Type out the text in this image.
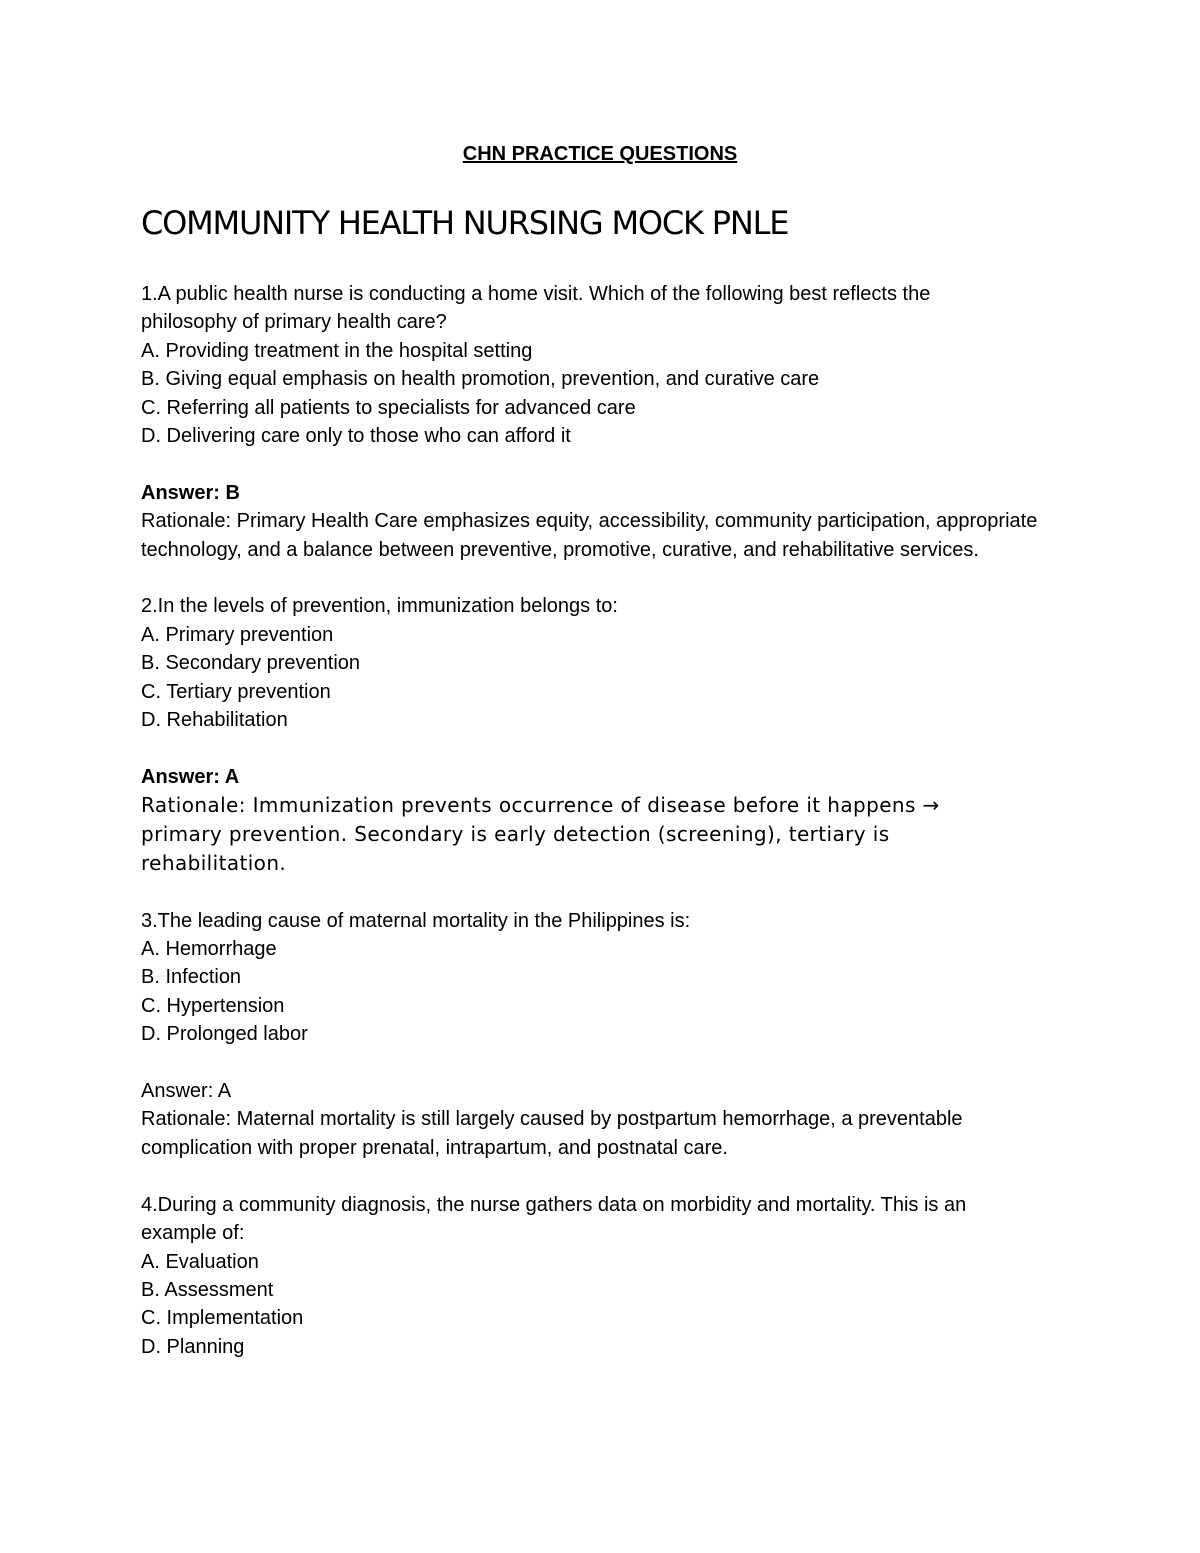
CHN PRACTICE QUESTIONS

COMMUNITY HEALTH NURSING MOCK PNLE

1.A public health nurse is conducting a home visit. Which of the following best reflects the

philosophy of primary health care?

A. Providing treatment in the hospital setting

B. Giving equal emphasis on health promotion, prevention, and curative care

C. Referring all patients to specialists for advanced care

D. Delivering care only to those who can afford it

Answer: B

Rationale: Primary Health Care emphasizes equity, accessibility, community participation, appropriate technology, and a balance between preventive, promotive, curative, and rehabilitative services.

2.In the levels of prevention, immunization belongs to:

A. Primary prevention

B. Secondary prevention

C. Tertiary prevention

D. Rehabilitation

Answer: A

Rationale: Immunization prevents occurrence of disease before it happens → primary prevention. Secondary is early detection (screening), tertiary is rehabilitation.

3.The leading cause of maternal mortality in the Philippines is:

A. Hemorrhage

B. Infection

C. Hypertension

D. Prolonged labor

Answer: A

Rationale: Maternal mortality is still largely caused by postpartum hemorrhage, a preventable complication with proper prenatal, intrapartum, and postnatal care.

4.During a community diagnosis, the nurse gathers data on morbidity and mortality. This is an

example of:

A. Evaluation

B. Assessment

C. Implementation

D. Planning
